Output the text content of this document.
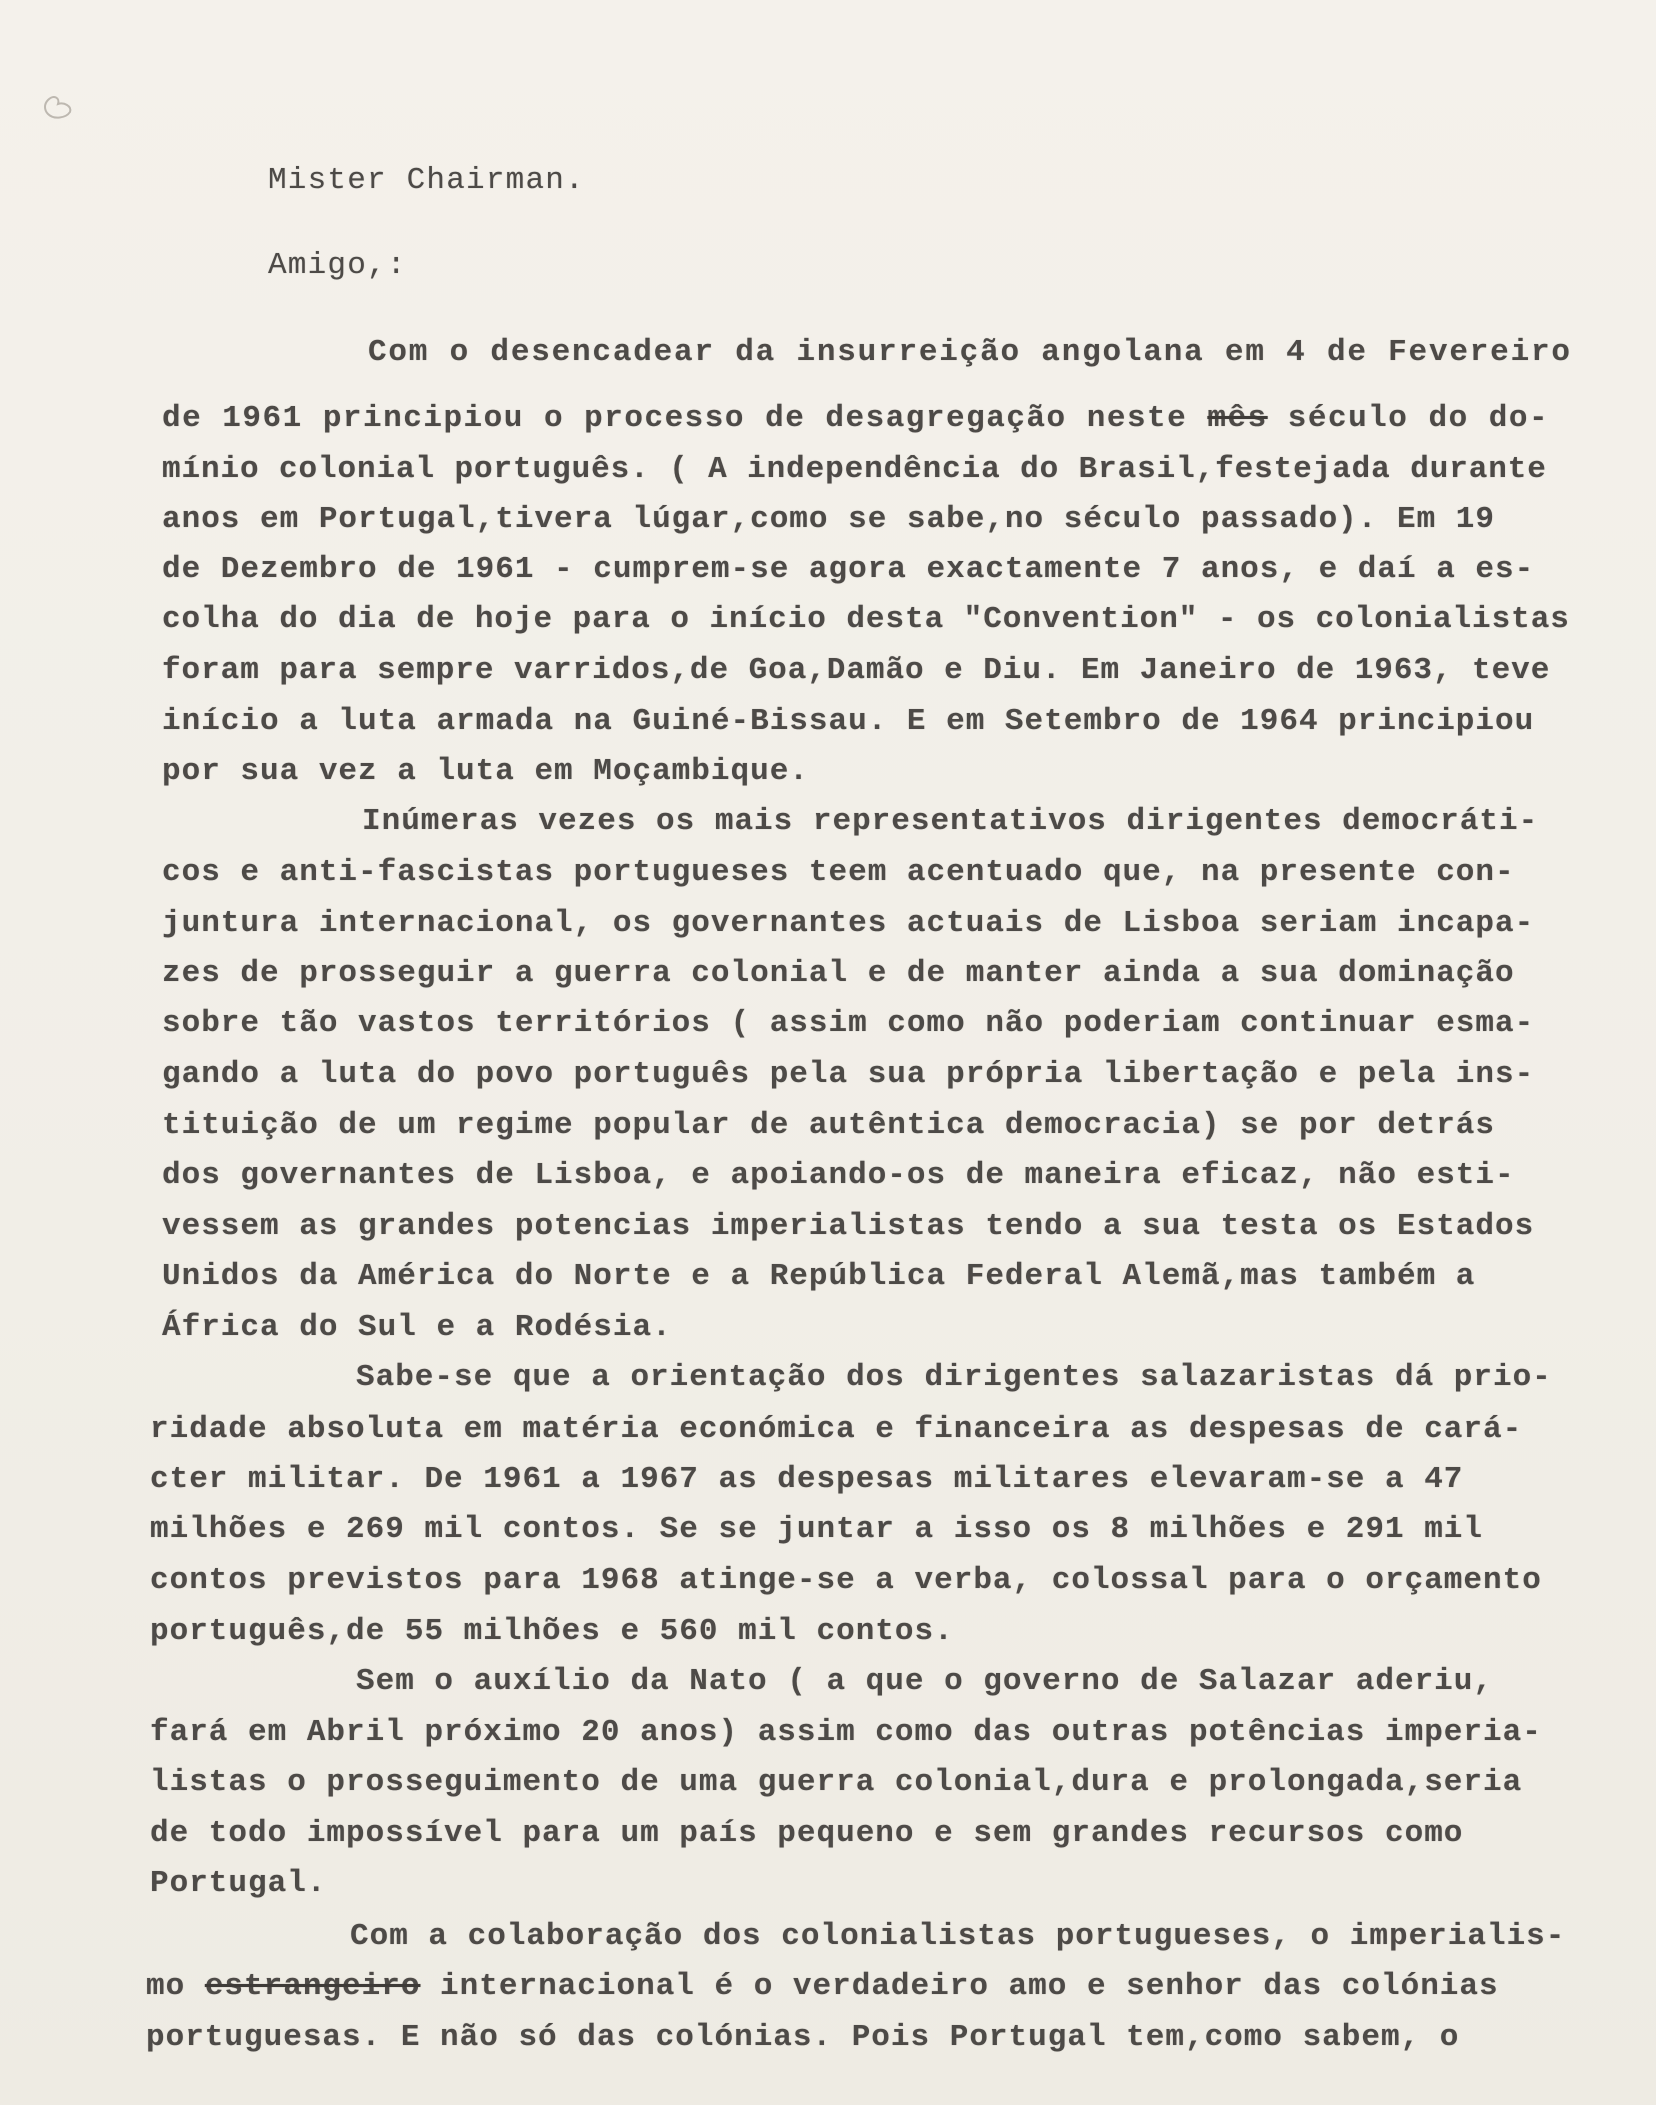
Mister Chairman.
Amigo,:
Com o desencadear da insurreição angolana em 4 de Fevereiro
de 1961 principiou o processo de desagregação neste mês século do do-
mínio colonial português. ( A independência do Brasil,festejada durante
anos em Portugal,tivera lúgar,como se sabe,no século passado). Em 19
de Dezembro de 1961 - cumprem-se agora exactamente 7 anos, e daí a es-
colha do dia de hoje para o início desta "Convention" - os colonialistas
foram para sempre varridos,de Goa,Damão e Diu. Em Janeiro de 1963, teve
início a luta armada na Guiné-Bissau. E em Setembro de 1964 principiou
por sua vez a luta em Moçambique.
Inúmeras vezes os mais representativos dirigentes democráti-
cos e anti-fascistas portugueses teem acentuado que, na presente con-
juntura internacional, os governantes actuais de Lisboa seriam incapa-
zes de prosseguir a guerra colonial e de manter ainda a sua dominação
sobre tão vastos territórios ( assim como não poderiam continuar esma-
gando a luta do povo português pela sua própria libertação e pela ins-
tituição de um regime popular de autêntica democracia) se por detrás
dos governantes de Lisboa, e apoiando-os de maneira eficaz, não esti-
vessem as grandes potencias imperialistas tendo a sua testa os Estados
Unidos da América do Norte e a República Federal Alemã,mas também a
África do Sul e a Rodésia.
Sabe-se que a orientação dos dirigentes salazaristas dá prio-
ridade absoluta em matéria económica e financeira as despesas de cará-
cter militar. De 1961 a 1967 as despesas militares elevaram-se a 47
milhões e 269 mil contos. Se se juntar a isso os 8 milhões e 291 mil
contos previstos para 1968 atinge-se a verba, colossal para o orçamento
português,de 55 milhões e 560 mil contos.
Sem o auxílio da Nato ( a que o governo de Salazar aderiu,
fará em Abril próximo 20 anos) assim como das outras potências imperia-
listas o prosseguimento de uma guerra colonial,dura e prolongada,seria
de todo impossível para um país pequeno e sem grandes recursos como
Portugal.
Com a colaboração dos colonialistas portugueses, o imperialis-
mo estrangeiro internacional é o verdadeiro amo e senhor das colónias
portuguesas. E não só das colónias. Pois Portugal tem,como sabem, o
